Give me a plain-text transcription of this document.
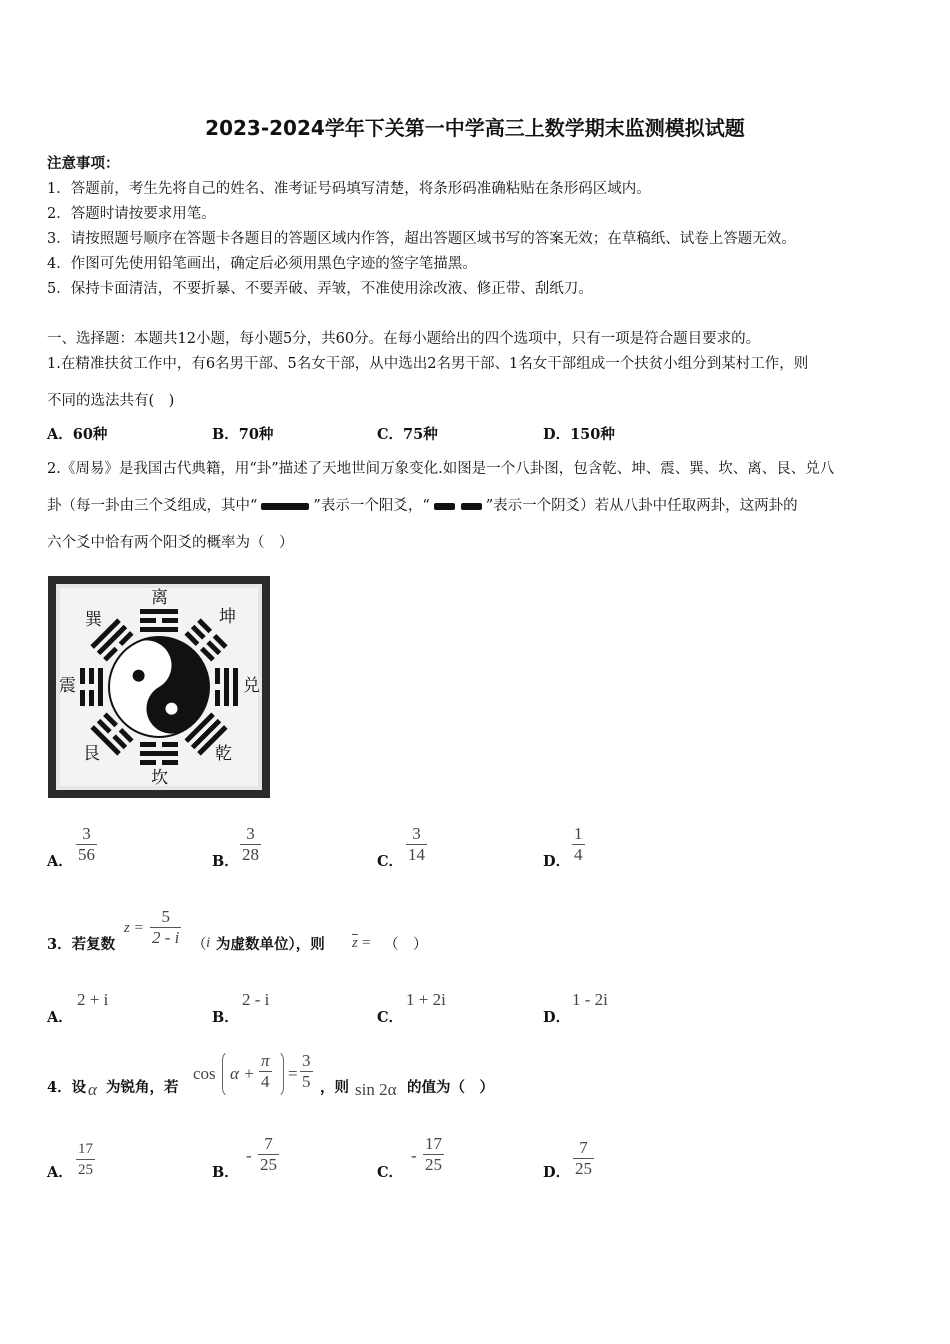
2023-2024学年下关第一中学高三上数学期末监测模拟试题
注意事项：
1．答题前，考生先将自己的姓名、准考证号码填写清楚，将条形码准确粘贴在条形码区域内。
2．答题时请按要求用笔。
3．请按照题号顺序在答题卡各题目的答题区域内作答，超出答题区域书写的答案无效；在草稿纸、试卷上答题无效。
4．作图可先使用铅笔画出，确定后必须用黑色字迹的签字笔描黑。
5．保持卡面清洁，不要折暴、不要弄破、弄皱，不准使用涂改液、修正带、刮纸刀。
一、选择题：本题共12小题，每小题5分，共60分。在每小题给出的四个选项中，只有一项是符合题目要求的。
1.在精准扶贫工作中，有6名男干部、5名女干部，从中选出2名男干部、1名女干部组成一个扶贫小组分到某村工作，则
不同的选法共有(　)
A．60种	B．70种	C．75种	D．150种
2.《周易》是我国古代典籍，用“卦”描述了天地世间万象变化.如图是一个八卦图，包含乾、坤、震、巽、坎、离、艮、兑八
卦（每一卦由三个爻组成，其中“	”表示一个阳爻，“	”表示一个阴爻）若从八卦中任取两卦，这两卦的
六个爻中恰有两个阳爻的概率为（　）
离
坤
兑
乾
坎
艮
震
巽
A．
3
56	B．
3
28	C．
3
14	D．
1
4
3．若复数
z =
5
2 - i （ i 为虚数单位），则 $\overline{z}$ = （　）
A．
2 + i
B．
2 - i
C．
1 + 2i
D．
1 - 2i
4．设 α 为锐角，若
cos α +
π
4 =
3
5 ，则 sin 2α 的值为（　）
A．
17
25	B．
-
7
25	C．
-
17
25	D．
7
25
